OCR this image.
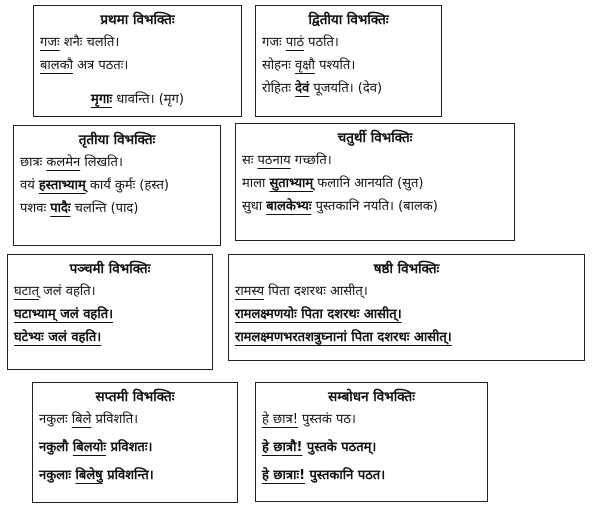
प्रथमा विभक्तिः
गजः शनैः चलति।
बालकौ अत्र पठतः।
मृगाः धावन्ति। (मृग)
द्वितीया विभक्तिः
गजः पाठं पठति।
सोहनः वृक्षौ पश्यति।
रोहितः देवं पूजयति। (देव)
तृतीया विभक्तिः
छात्रः कलमेन लिखति।
वयं हस्ताभ्याम् कार्यं कुर्मः (हस्त)
पशवः पादैः चलन्ति (पाद)
चतुर्थी विभक्तिः
सः पठनाय गच्छति।
माला सुताभ्याम् फलानि आनयति (सुत)
सुधा बालकेभ्यः पुस्तकानि नयति। (बालक)
पञ्चमी विभक्तिः
घटात् जलं वहति।
घटाभ्याम् जलं वहति।
घटेभ्यः जलं वहति।
षष्ठी विभक्तिः
रामस्य पिता दशरथः आसीत्।
रामलक्ष्मणयोः पिता दशरथः आसीत्।
रामलक्ष्मणभरतशत्रुघ्नानां पिता दशरथः आसीत्।
सप्तमी विभक्तिः
नकुलः बिले प्रविशति।
नकुलौ बिलयोः प्रविशतः।
नकुलाः बिलेषु प्रविशन्ति।
सम्बोधन विभक्तिः
हे छात्र! पुस्तकं पठ।
हे छात्रौ! पुस्तके पठतम्।
हे छात्राः! पुस्तकानि पठत।
